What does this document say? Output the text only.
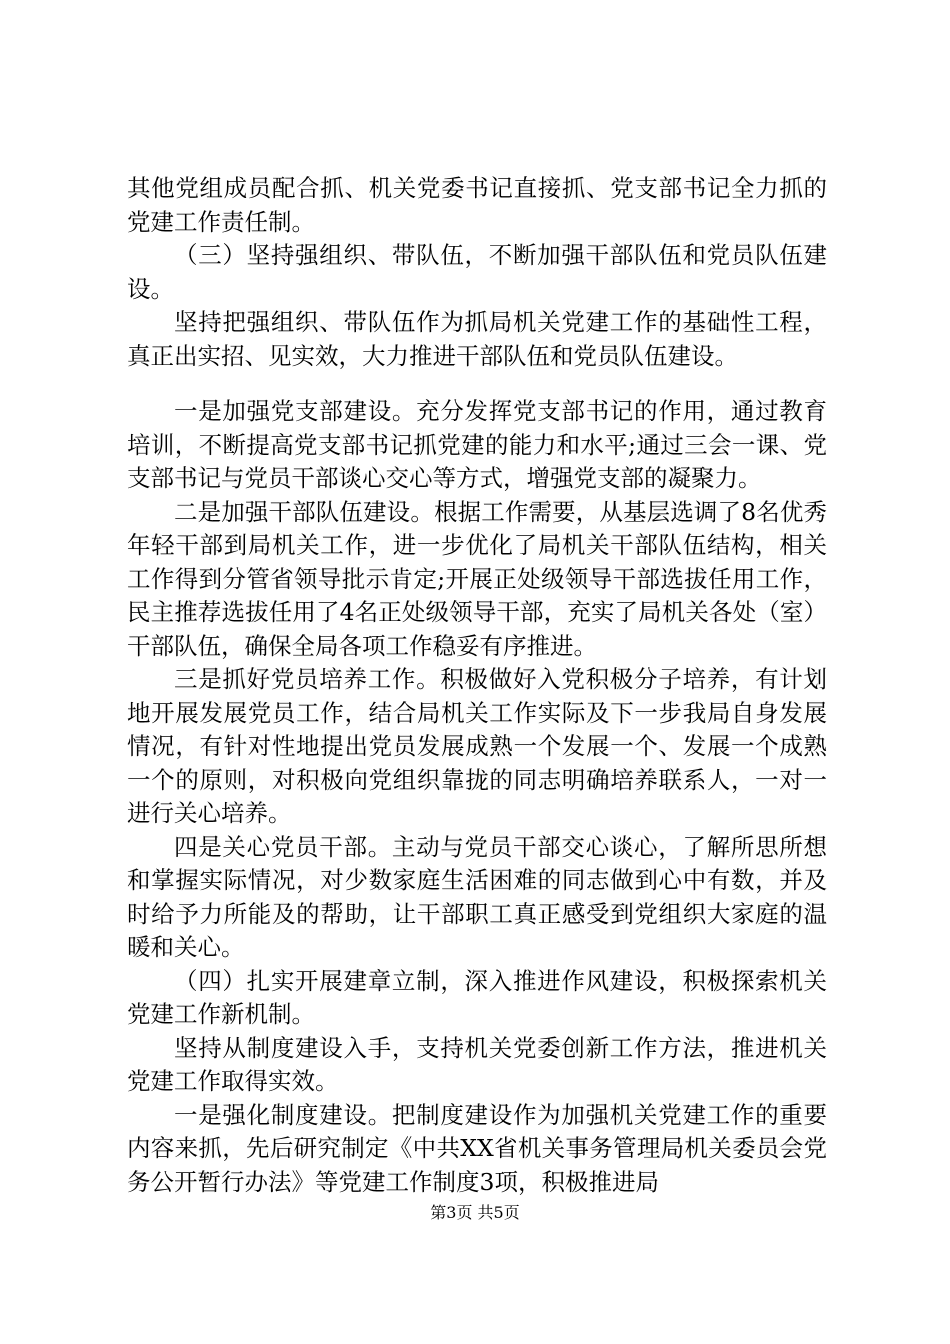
其他党组成员配合抓、机关党委书记直接抓、党支部书记全力抓的党建工作责任制。

（三）坚持强组织、带队伍，不断加强干部队伍和党员队伍建设。

坚持把强组织、带队伍作为抓局机关党建工作的基础性工程，真正出实招、见实效，大力推进干部队伍和党员队伍建设。

一是加强党支部建设。充分发挥党支部书记的作用，通过教育培训，不断提高党支部书记抓党建的能力和水平;通过三会一课、党支部书记与党员干部谈心交心等方式，增强党支部的凝聚力。

二是加强干部队伍建设。根据工作需要，从基层选调了8名优秀年轻干部到局机关工作，进一步优化了局机关干部队伍结构，相关工作得到分管省领导批示肯定;开展正处级领导干部选拔任用工作，民主推荐选拔任用了4名正处级领导干部，充实了局机关各处（室）干部队伍，确保全局各项工作稳妥有序推进。

三是抓好党员培养工作。积极做好入党积极分子培养，有计划地开展发展党员工作，结合局机关工作实际及下一步我局自身发展情况，有针对性地提出党员发展成熟一个发展一个、发展一个成熟一个的原则，对积极向党组织靠拢的同志明确培养联系人，一对一进行关心培养。

四是关心党员干部。主动与党员干部交心谈心，了解所思所想和掌握实际情况，对少数家庭生活困难的同志做到心中有数，并及时给予力所能及的帮助，让干部职工真正感受到党组织大家庭的温暖和关心。

（四）扎实开展建章立制，深入推进作风建设，积极探索机关党建工作新机制。

坚持从制度建设入手，支持机关党委创新工作方法，推进机关党建工作取得实效。

一是强化制度建设。把制度建设作为加强机关党建工作的重要内容来抓，先后研究制定《中共XX省机关事务管理局机关委员会党务公开暂行办法》等党建工作制度3项，积极推进局

第3页 共5页
